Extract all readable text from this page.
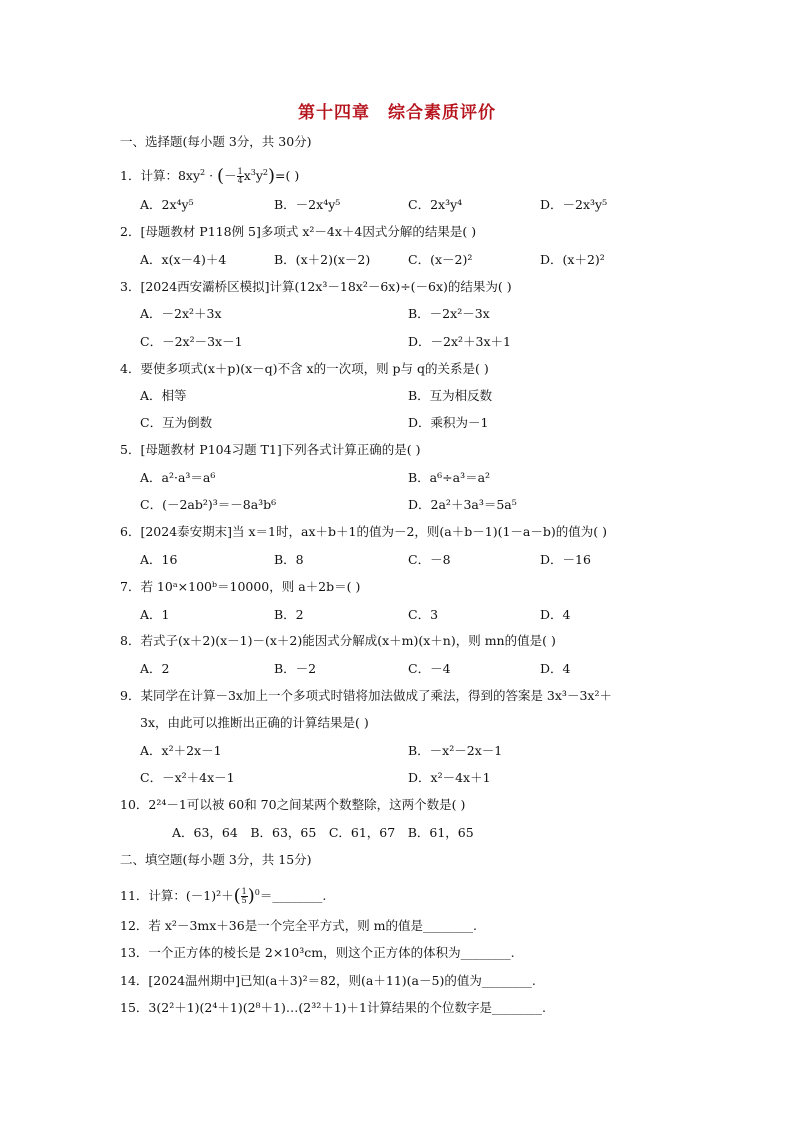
第十四章　综合素质评价
一、选择题(每小题 3分，共 30分)
1．计算：$8xy^2$ · (－ $\frac{1}{4} x^3y^2)=$( )
A．2x⁴y⁵	B．－2x⁴y⁵	C．2x³y⁴	D．－2x³y⁵
2．[母题教材 P118例 5]多项式 x²－4x＋4因式分解的结果是( )
A．x(x－4)＋4	B．(x＋2)(x－2)	C．(x－2)²	D．(x＋2)²
3．[2024西安灞桥区模拟]计算(12x³－18x²－6x)÷(－6x)的结果为( )
A．－2x²＋3x	B．－2x²－3x
C．－2x²－3x－1	D．－2x²＋3x＋1
4．要使多项式(x＋p)(x－q)不含 x的一次项，则 p与 q的关系是( )
A．相等	B．互为相反数
C．互为倒数	D．乘积为－1
5．[母题教材 P104习题 T1]下列各式计算正确的是( )
A．a²·a³＝a⁶	B．a⁶÷a³＝a²
C．(－2ab²)³＝－8a³b⁶	D．2a²＋3a³＝5a⁵
6．[2024泰安期末]当 x＝1时，ax＋b＋1的值为－2，则(a＋b－1)(1－a－b)的值为( )
A．16	B．8	C．－8	D．－16
7．若 10ᵃ×100ᵇ＝10000，则 a＋2b＝( )
A．1	B．2	C．3	D．4
8．若式子(x＋2)(x－1)－(x＋2)能因式分解成(x＋m)(x＋n)，则 mn的值是( )
A．2	B．－2	C．－4	D．4
9．某同学在计算－3x加上一个多项式时错将加法做成了乘法，得到的答案是 3x³－3x²＋
3x，由此可以推断出正确的计算结果是( )
A．x²＋2x－1	B．－x²－2x－1
C．－x²＋4x－1	D．x²－4x＋1
10．2²⁴－1可以被 60和 70之间某两个数整除，这两个数是( )
A．63，64　B．63，65　C．61，67　B．61，65
二、填空题(每小题 3分，共 15分)
11．计算：$(-1)^2+( \frac{1}{5}$ )$^0=\_\_\_\_\_\_\_\_$.
12．若 x²－3mx＋36是一个完全平方式，则 m的值是________.
13．一个正方体的棱长是 2×10³cm，则这个正方体的体积为________.
14．[2024温州期中]已知(a＋3)²＝82，则(a＋11)(a－5)的值为________.
15．3(2²＋1)(2⁴＋1)(2⁸＋1)…(2³²＋1)＋1计算结果的个位数字是________.
